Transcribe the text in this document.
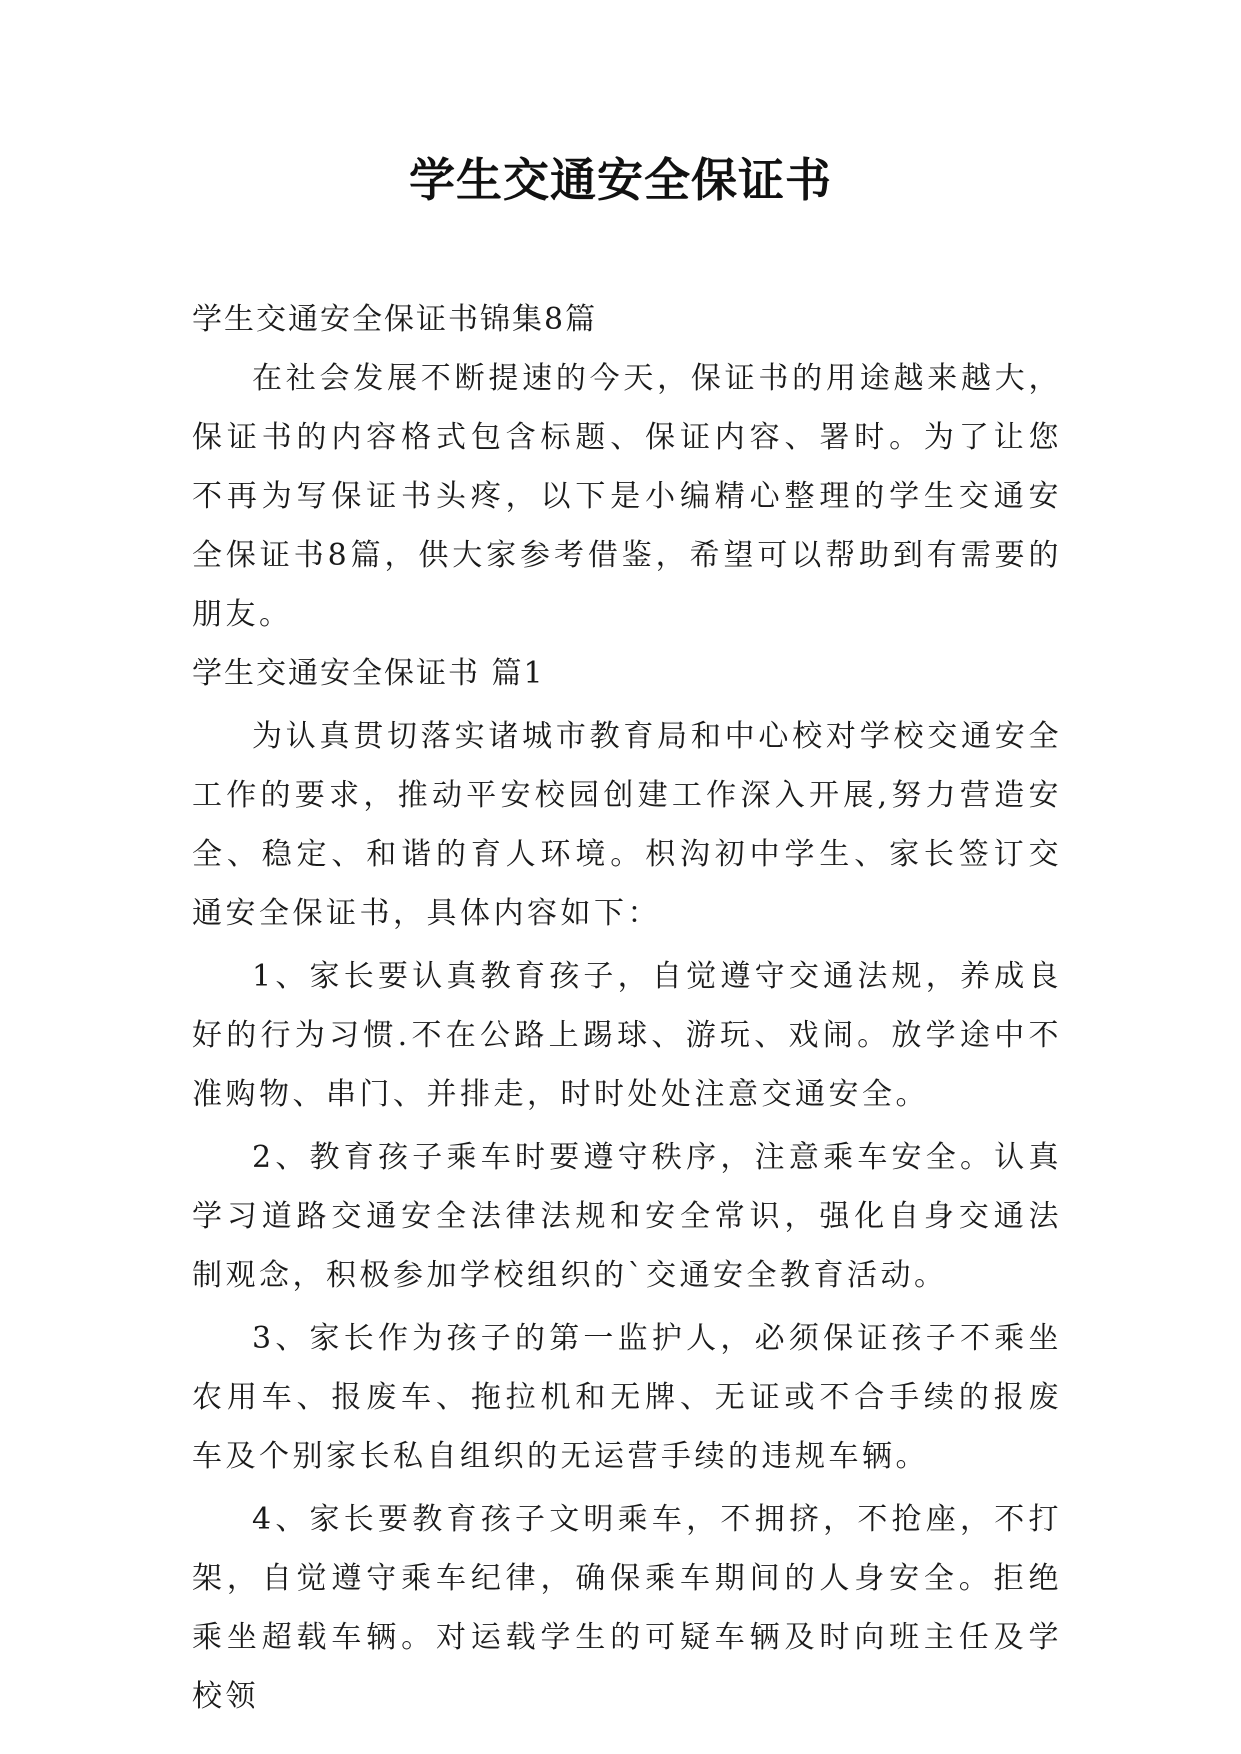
学生交通安全保证书

学生交通安全保证书锦集8篇

在社会发展不断提速的今天，保证书的用途越来越大，保证书的内容格式包含标题、保证内容、署时。为了让您不再为写保证书头疼，以下是小编精心整理的学生交通安全保证书8篇，供大家参考借鉴，希望可以帮助到有需要的朋友。

学生交通安全保证书 篇1

为认真贯切落实诸城市教育局和中心校对学校交通安全工作的要求，推动平安校园创建工作深入开展,努力营造安全、稳定、和谐的育人环境。枳沟初中学生、家长签订交通安全保证书，具体内容如下：

1、家长要认真教育孩子，自觉遵守交通法规，养成良好的行为习惯.不在公路上踢球、游玩、戏闹。放学途中不准购物、串门、并排走，时时处处注意交通安全。

2、教育孩子乘车时要遵守秩序，注意乘车安全。认真学习道路交通安全法律法规和安全常识，强化自身交通法制观念，积极参加学校组织的`交通安全教育活动。

3、家长作为孩子的第一监护人，必须保证孩子不乘坐农用车、报废车、拖拉机和无牌、无证或不合手续的报废车及个别家长私自组织的无运营手续的违规车辆。

4、家长要教育孩子文明乘车，不拥挤，不抢座，不打架，自觉遵守乘车纪律，确保乘车期间的人身安全。拒绝乘坐超载车辆。对运载学生的可疑车辆及时向班主任及学校领
